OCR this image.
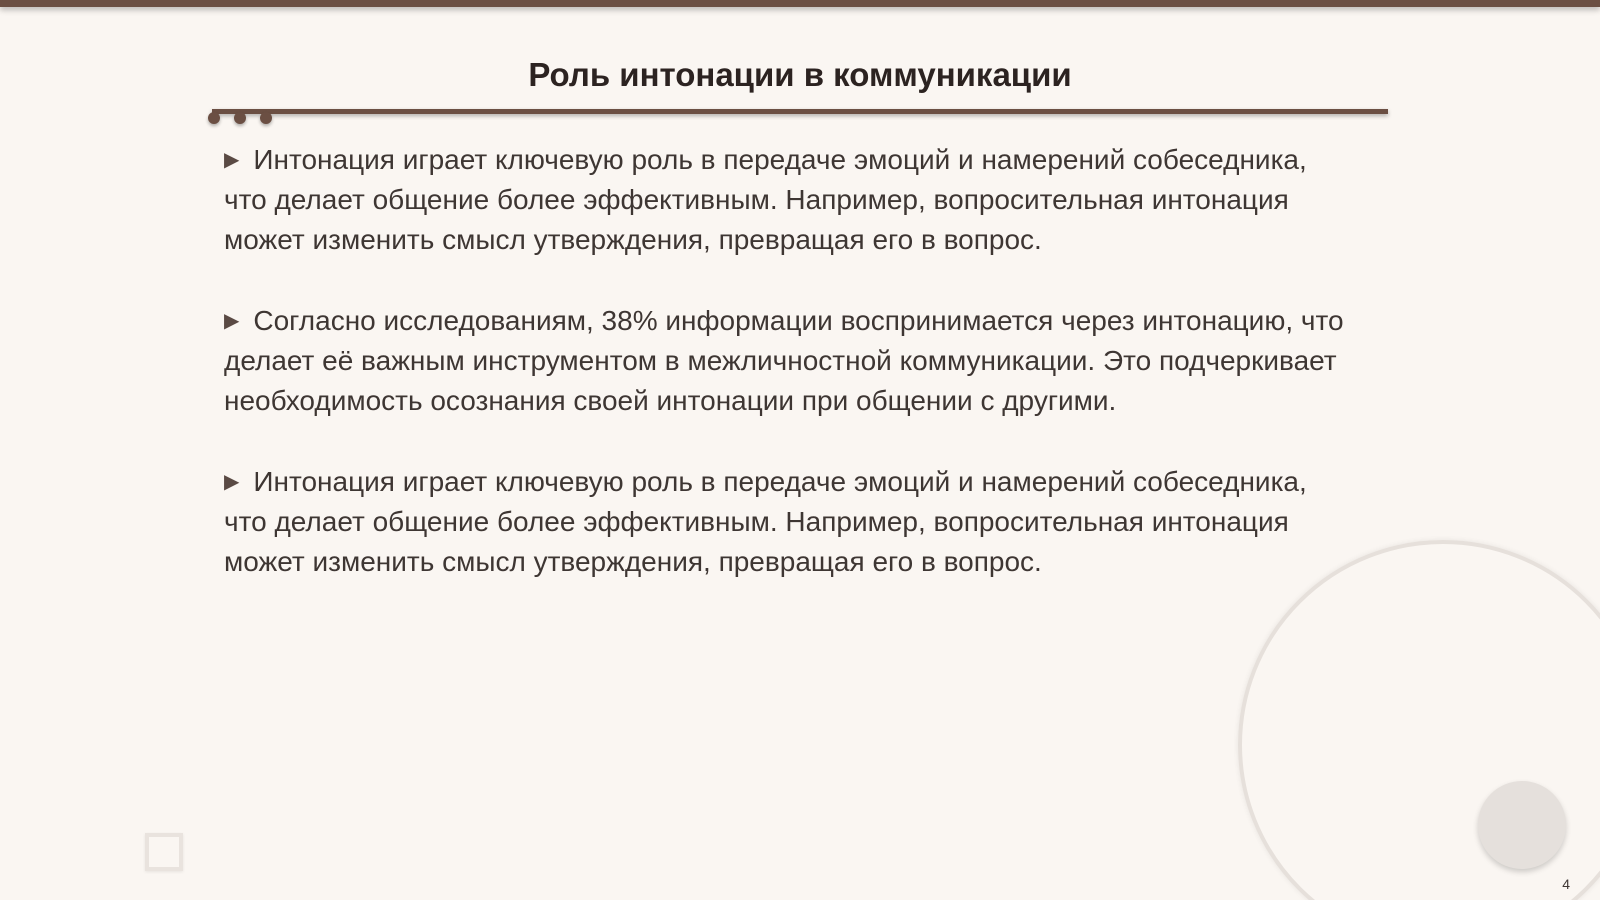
Роль интонации в коммуникации

▶ Интонация играет ключевую роль в передаче эмоций и намерений собеседника, что делает общение более эффективным. Например, вопросительная интонация может изменить смысл утверждения, превращая его в вопрос.

▶ Согласно исследованиям, 38% информации воспринимается через интонацию, что делает её важным инструментом в межличностной коммуникации. Это подчеркивает необходимость осознания своей интонации при общении с другими.

▶ Интонация играет ключевую роль в передаче эмоций и намерений собеседника, что делает общение более эффективным. Например, вопросительная интонация может изменить смысл утверждения, превращая его в вопрос.

4
